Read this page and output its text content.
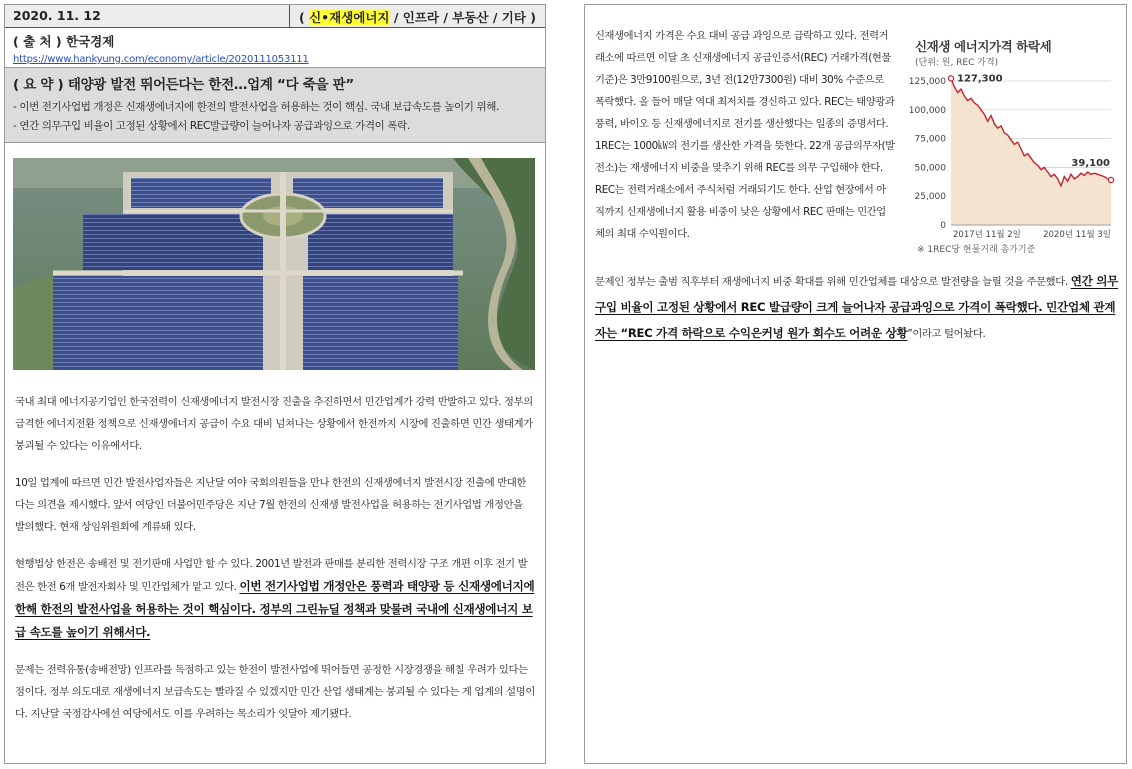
2020. 11. 12	( 신•재생에너지 / 인프라 / 부동산 / 기타 )
( 출 처 ) 한국경제
https://www.hankyung.com/economy/article/2020111053111
( 요 약 ) 태양광 발전 뛰어든다는 한전…업계 “다 죽을 판”
- 이번 전기사업법 개정은 신재생에너지에 한전의 발전사업을 허용하는 것이 핵심. 국내 보급속도를 높이기 위해.
- 연간 의무구입 비율이 고정된 상황에서 REC발급량이 늘어나자 공급과잉으로 가격이 폭락.

국내 최대 에너지공기업인 한국전력이 신재생에너지 발전시장 진출을 추진하면서 민간업계가 강력 반발하고 있다. 정부의 급격한 에너지전환 정책으로 신재생에너지 공급이 수요 대비 넘쳐나는 상황에서 한전까지 시장에 진출하면 민간 생태계가 붕괴될 수 있다는 이유에서다.

10일 업계에 따르면 민간 발전사업자들은 지난달 여야 국회의원들을 만나 한전의 신재생에너지 발전시장 진출에 반대한다는 의견을 제시했다. 앞서 여당인 더불어민주당은 지난 7월 한전의 신재생 발전사업을 허용하는 전기사업법 개정안을 발의했다. 현재 상임위원회에 계류돼 있다.

현행법상 한전은 송배전 및 전기판매 사업만 할 수 있다. 2001년 발전과 판매를 분리한 전력시장 구조 개편 이후 전기 발전은 한전 6개 발전자회사 및 민간업체가 맡고 있다. 이번 전기사업법 개정안은 풍력과 태양광 등 신재생에너지에 한해 한전의 발전사업을 허용하는 것이 핵심이다. 정부의 그린뉴딜 정책과 맞물려 국내에 신재생에너지 보급 속도를 높이기 위해서다.

문제는 전력유통(송배전망) 인프라를 독점하고 있는 한전이 발전사업에 뛰어들면 공정한 시장경쟁을 해칠 우려가 있다는 점이다. 정부 의도대로 재생에너지 보급속도는 빨라질 수 있겠지만 민간 산업 생태계는 붕괴될 수 있다는 게 업계의 설명이다. 지난달 국정감사에선 여당에서도 이를 우려하는 목소리가 잇달아 제기됐다.

신재생에너지 가격은 수요 대비 공급 과잉으로 급락하고 있다. 전력거래소에 따르면 이달 초 신재생에너지 공급인증서(REC) 거래가격(현물 기준)은 3만9100원으로, 3년 전(12만7300원) 대비 30% 수준으로 폭락했다. 올 들어 매달 역대 최저치를 경신하고 있다. REC는 태양광과 풍력, 바이오 등 신재생에너지로 전기를 생산했다는 일종의 증명서다. 1REC는 1000㎾의 전기를 생산한 가격을 뜻한다. 22개 공급의무자(발전소)는 재생에너지 비중을 맞추기 위해 REC를 의무 구입해야 한다. REC는 전력거래소에서 주식처럼 거래되기도 한다. 산업 현장에서 아직까지 신재생에너지 활용 비중이 낮은 상황에서 REC 판매는 민간업체의 최대 수익원이다.
신재생 에너지가격 하락세
(단위: 원, REC 가격)
0
25,000
50,000
75,000
100,000
125,000 127,300
39,100
2017년 11월 2일	2020년 11월 3일
※ 1REC당 현물거래 총가기준
문제인 정부는 출범 직후부터 재생에너지 비중 확대를 위해 민간업체를 대상으로 발전량을 늘릴 것을 주문했다. 연간 의무구입 비율이 고정된 상황에서 REC 발급량이 크게 늘어나자 공급과잉으로 가격이 폭락했다. 민간업체 관계자는 “REC 가격 하락으로 수익은커녕 원가 회수도 어려운 상황”이라고 털어놨다.
